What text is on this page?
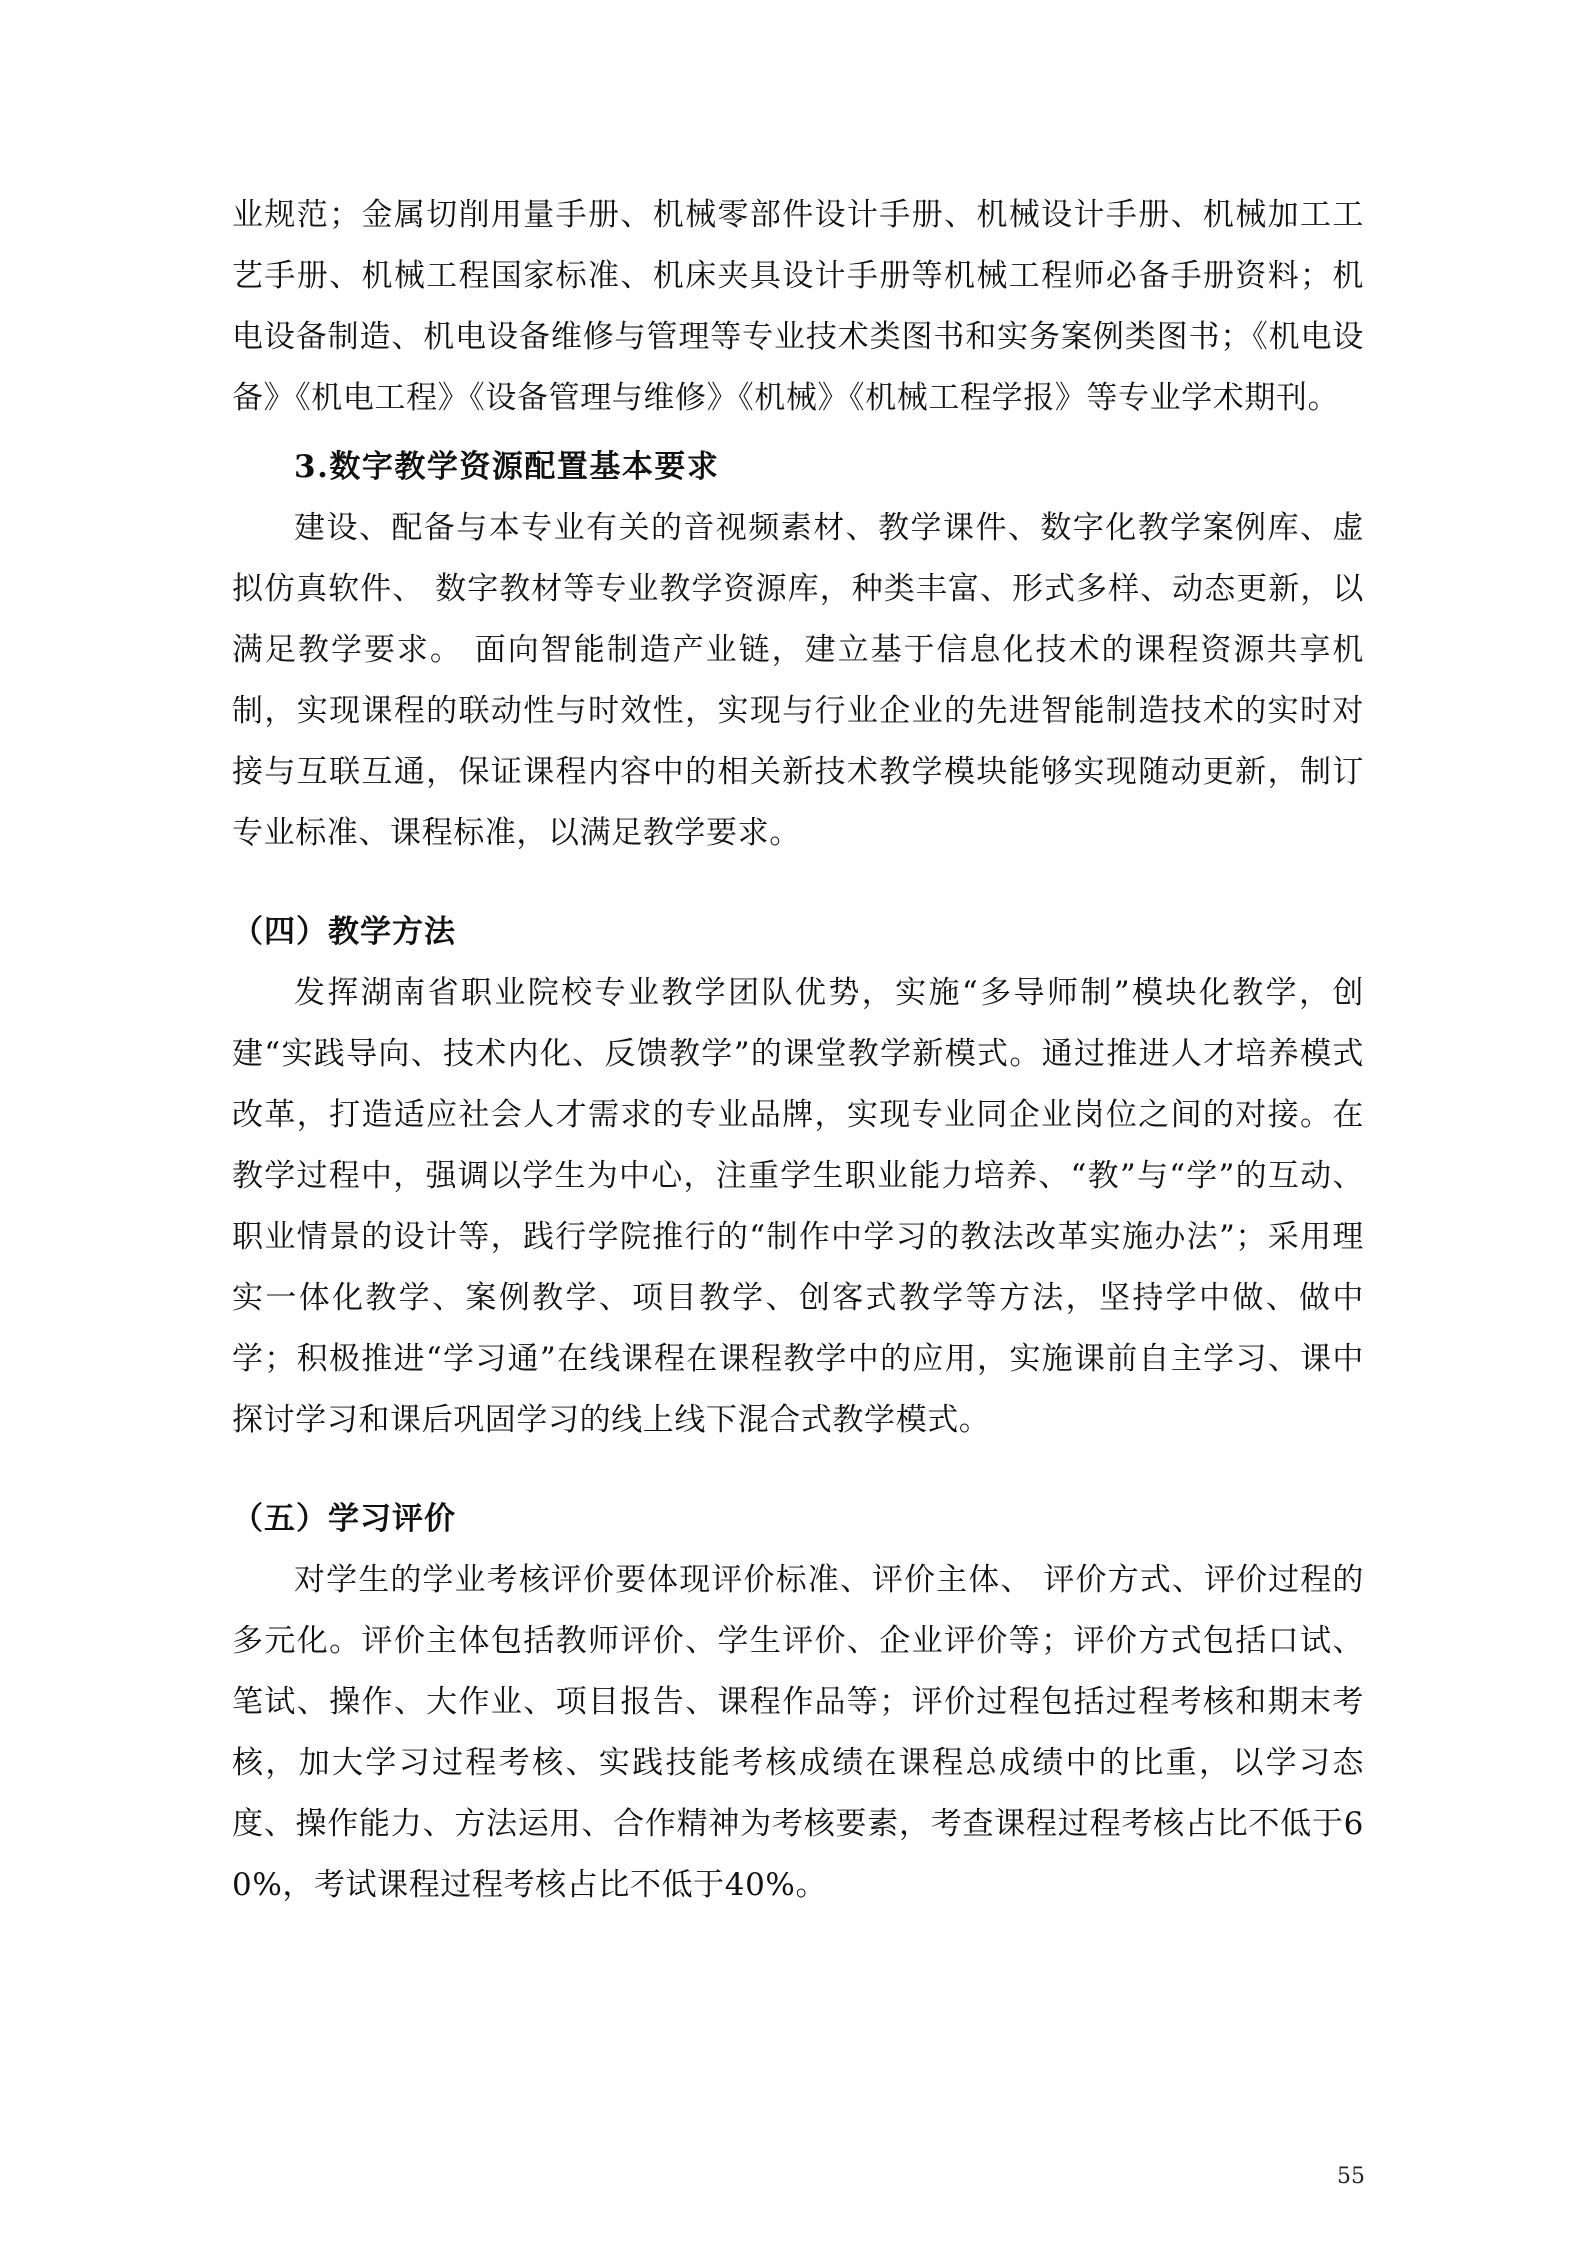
业规范；金属切削用量手册、机械零部件设计手册、机械设计手册、机械加工工艺手册、机械工程国家标准、机床夹具设计手册等机械工程师必备手册资料；机电设备制造、机电设备维修与管理等专业技术类图书和实务案例类图书；《机电设备》《机电工程》《设备管理与维修》《机械》《机械工程学报》等专业学术期刊。

3.数字教学资源配置基本要求

建设、配备与本专业有关的音视频素材、教学课件、数字化教学案例库、虚拟仿真软件、 数字教材等专业教学资源库，种类丰富、形式多样、动态更新，以满足教学要求。 面向智能制造产业链，建立基于信息化技术的课程资源共享机制，实现课程的联动性与时效性，实现与行业企业的先进智能制造技术的实时对接与互联互通，保证课程内容中的相关新技术教学模块能够实现随动更新，制订专业标准、课程标准，以满足教学要求。

（四）教学方法

发挥湖南省职业院校专业教学团队优势，实施“多导师制”模块化教学，创建“实践导向、技术内化、反馈教学”的课堂教学新模式。通过推进人才培养模式改革，打造适应社会人才需求的专业品牌，实现专业同企业岗位之间的对接。在教学过程中，强调以学生为中心，注重学生职业能力培养、“教”与“学”的互动、职业情景的设计等，践行学院推行的“制作中学习的教法改革实施办法”；采用理实一体化教学、案例教学、项目教学、创客式教学等方法，坚持学中做、做中学；积极推进“学习通”在线课程在课程教学中的应用，实施课前自主学习、课中探讨学习和课后巩固学习的线上线下混合式教学模式。

（五）学习评价

对学生的学业考核评价要体现评价标准、评价主体、 评价方式、评价过程的多元化。评价主体包括教师评价、学生评价、企业评价等；评价方式包括口试、笔试、操作、大作业、项目报告、课程作品等；评价过程包括过程考核和期末考核，加大学习过程考核、实践技能考核成绩在课程总成绩中的比重，以学习态度、操作能力、方法运用、合作精神为考核要素，考查课程过程考核占比不低于60%，考试课程过程考核占比不低于40%。

55
